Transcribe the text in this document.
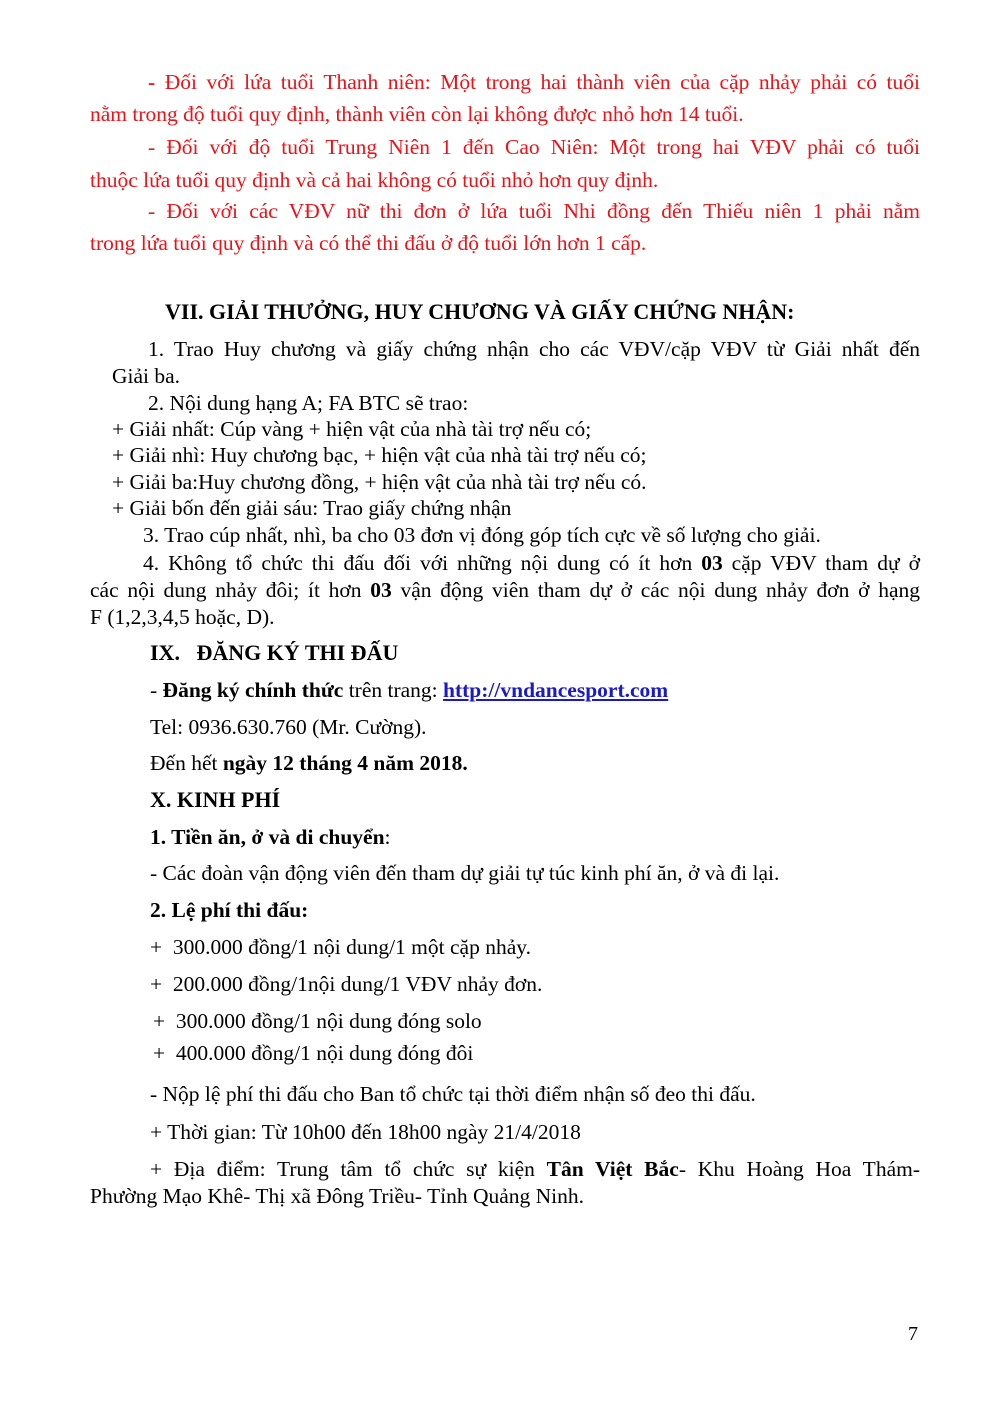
- Đối với lứa tuổi Thanh niên: Một trong hai thành viên của cặp nhảy phải có tuổi
nằm trong độ tuổi quy định, thành viên còn lại không được nhỏ hơn 14 tuổi.
- Đối với độ tuổi Trung Niên 1 đến Cao Niên: Một trong hai VĐV phải có tuổi
thuộc lứa tuổi quy định và cả hai không có tuổi nhỏ hơn quy định.
- Đối với các VĐV nữ thi đơn ở lứa tuổi Nhi đồng đến Thiếu niên 1 phải nằm
trong lứa tuổi quy định và có thể thi đấu ở độ tuổi lớn hơn 1 cấp.
VII. GIẢI THƯỞNG, HUY CHƯƠNG VÀ GIẤY CHỨNG NHẬN:
1. Trao Huy chương và giấy chứng nhận cho các VĐV/cặp VĐV từ Giải nhất đến
Giải ba.
2. Nội dung hạng A; FA BTC sẽ trao:
+ Giải nhất: Cúp vàng + hiện vật của nhà tài trợ nếu có;
+ Giải nhì: Huy chương bạc, + hiện vật của nhà tài trợ nếu có;
+ Giải ba:Huy chương đồng, + hiện vật của nhà tài trợ nếu có.
+ Giải bốn đến giải sáu: Trao giấy chứng nhận
3. Trao cúp nhất, nhì, ba cho 03 đơn vị đóng góp tích cực về số lượng cho giải.
4. Không tổ chức thi đấu đối với những nội dung có ít hơn 03 cặp VĐV tham dự ở
các nội dung nhảy đôi; ít hơn 03 vận động viên tham dự ở các nội dung nhảy đơn ở hạng
F (1,2,3,4,5 hoặc, D).
IX.   ĐĂNG KÝ THI ĐẤU
- Đăng ký chính thức trên trang: http://vndancesport.com
Tel: 0936.630.760 (Mr. Cường).
Đến hết ngày 12 tháng 4 năm 2018.
X. KINH PHÍ
1. Tiền ăn, ở và di chuyển:
- Các đoàn vận động viên đến tham dự giải tự túc kinh phí ăn, ở và đi lại.
2. Lệ phí thi đấu:
+  300.000 đồng/1 nội dung/1 một cặp nhảy.
+  200.000 đồng/1nội dung/1 VĐV nhảy đơn.
+  300.000 đồng/1 nội dung đóng solo
+  400.000 đồng/1 nội dung đóng đôi
- Nộp lệ phí thi đấu cho Ban tổ chức tại thời điểm nhận số đeo thi đấu.
+ Thời gian: Từ 10h00 đến 18h00 ngày 21/4/2018
+ Địa điểm: Trung tâm tổ chức sự kiện Tân Việt Bắc- Khu Hoàng Hoa Thám-
Phường Mạo Khê- Thị xã Đông Triều- Tỉnh Quảng Ninh.
7
